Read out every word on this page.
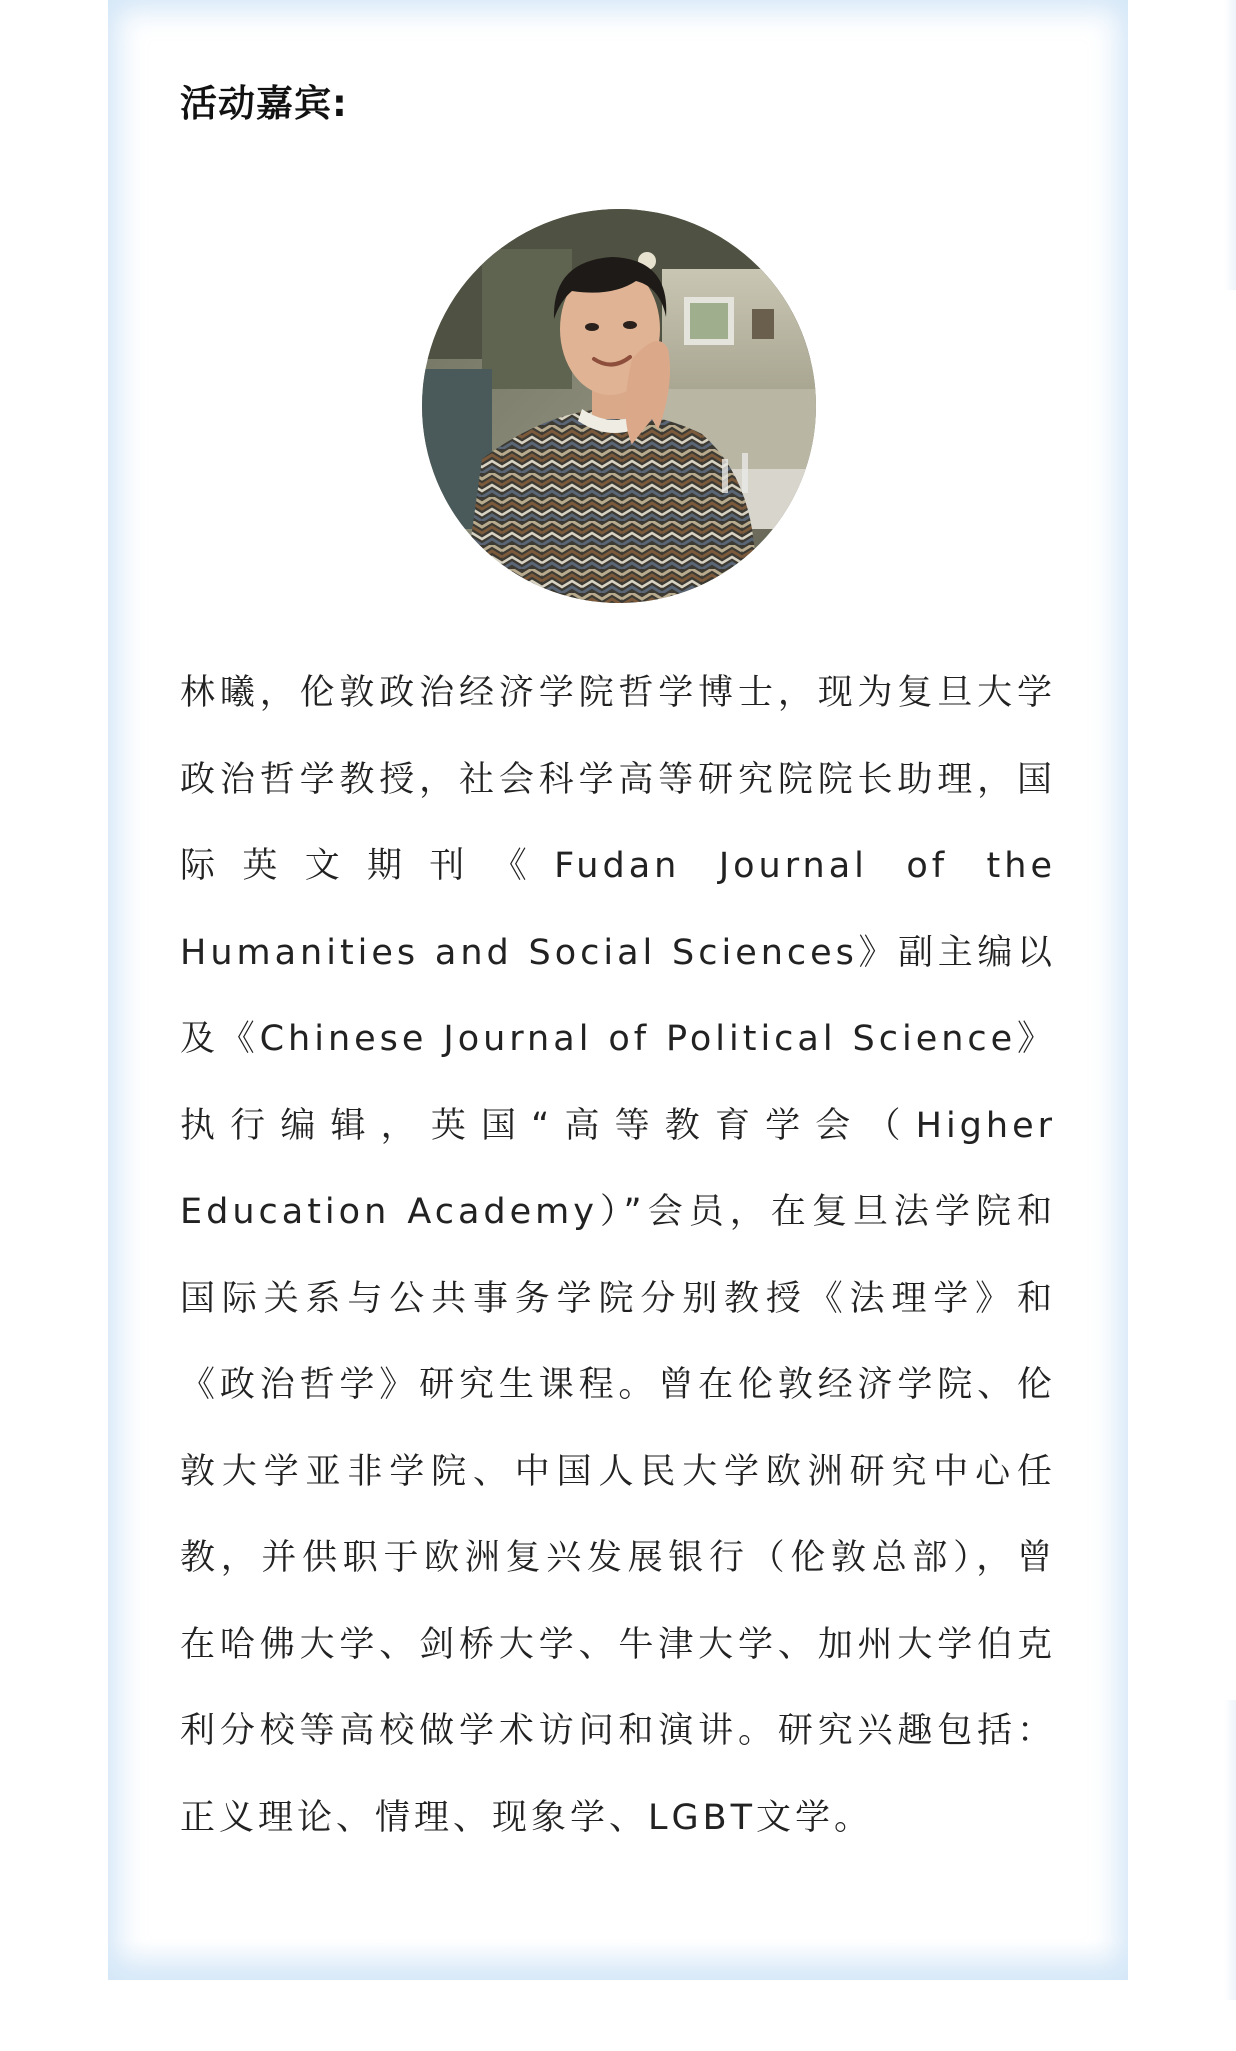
活动嘉宾:

林曦，伦敦政治经济学院哲学博士，现为复旦大学政治哲学教授，社会科学高等研究院院长助理，国际英文期刊《Fudan Journal of the Humanities and Social Sciences》副主编以及《Chinese Journal of Political Science》执行编辑，英国“高等教育学会（Higher Education Academy）”会员，在复旦法学院和国际关系与公共事务学院分别教授《法理学》和《政治哲学》研究生课程。曾在伦敦经济学院、伦敦大学亚非学院、中国人民大学欧洲研究中心任教，并供职于欧洲复兴发展银行（伦敦总部），曾在哈佛大学、剑桥大学、牛津大学、加州大学伯克利分校等高校做学术访问和演讲。研究兴趣包括：正义理论、情理、现象学、LGBT文学。
